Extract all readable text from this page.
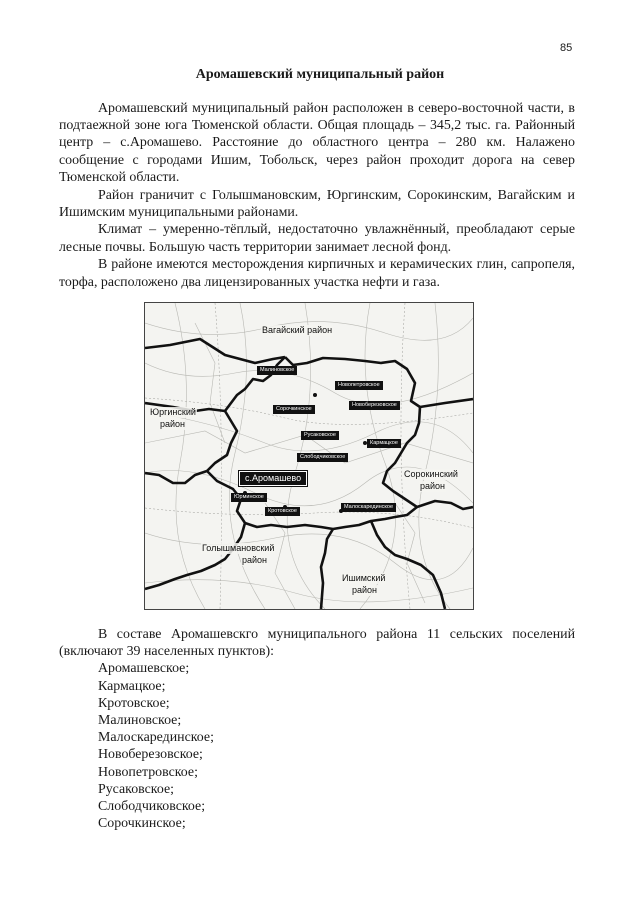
85
Аромашевский муниципальный район

Аромашевский муниципальный район расположен в северо-восточной части, в подтаежной зоне юга Тюменской области. Общая площадь – 345,2 тыс. га. Районный центр – с.Аромашево. Расстояние до областного центра – 280 км. Налажено сообщение с городами Ишим, Тобольск, через район проходит дорога на север Тюменской области.

Район граничит с Голышмановским, Юргинским, Сорокинским, Вагайским и Ишимским муниципальными районами.

Климат – умеренно-тёплый, недостаточно увлажнённый, преобладают серые лесные почвы. Большую часть территории занимает лесной фонд.

В районе имеются месторождения кирпичных и керамических глин, сапропеля, торфа, расположено два лицензированных участка нефти и газа.

Вагайский район
Юргинский
район
Сорокинский
район
Голышмановский
район
Ишимский
район
Малиновское
Новопетровское
Сорочкинское
Новоберезовское
Русаковское
Кармацкое
Слободчиковское
с.Аромашево
Юрминское
Кротовское
Малоскарединское

В составе Аромашевскго муниципального района 11 сельских поселений (включают 39 населенных пунктов):

Аромашевское;
Кармацкое;
Кротовское;
Малиновское;
Малоскарединское;
Новоберезовское;
Новопетровское;
Русаковское;
Слободчиковское;
Сорочкинское;
